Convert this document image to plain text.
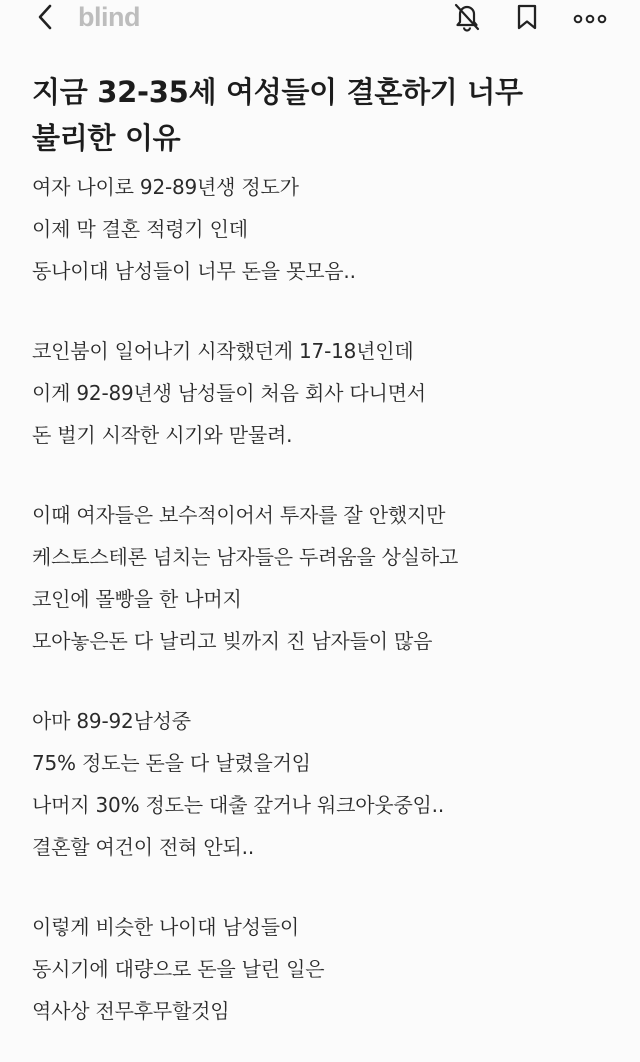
blind
지금 32-35세 여성들이 결혼하기 너무
불리한 이유
여자 나이로 92-89년생 정도가
이제 막 결혼 적령기 인데
동나이대 남성들이 너무 돈을 못모음..
코인붐이 일어나기 시작했던게 17-18년인데
이게 92-89년생 남성들이 처음 회사 다니면서
돈 벌기 시작한 시기와 맏물려.
이때 여자들은 보수적이어서 투자를 잘 안했지만
케스토스테론 넘치는 남자들은 두려움을 상실하고
코인에 몰빵을 한 나머지
모아놓은돈 다 날리고 빚까지 진 남자들이 많음
아마 89-92남성중
75% 정도는 돈을 다 날렸을거임
나머지 30% 정도는 대출 갚거나 워크아웃중임..
결혼할 여건이 전혀 안되..
이렇게 비슷한 나이대 남성들이
동시기에 대량으로 돈을 날린 일은
역사상 전무후무할것임
